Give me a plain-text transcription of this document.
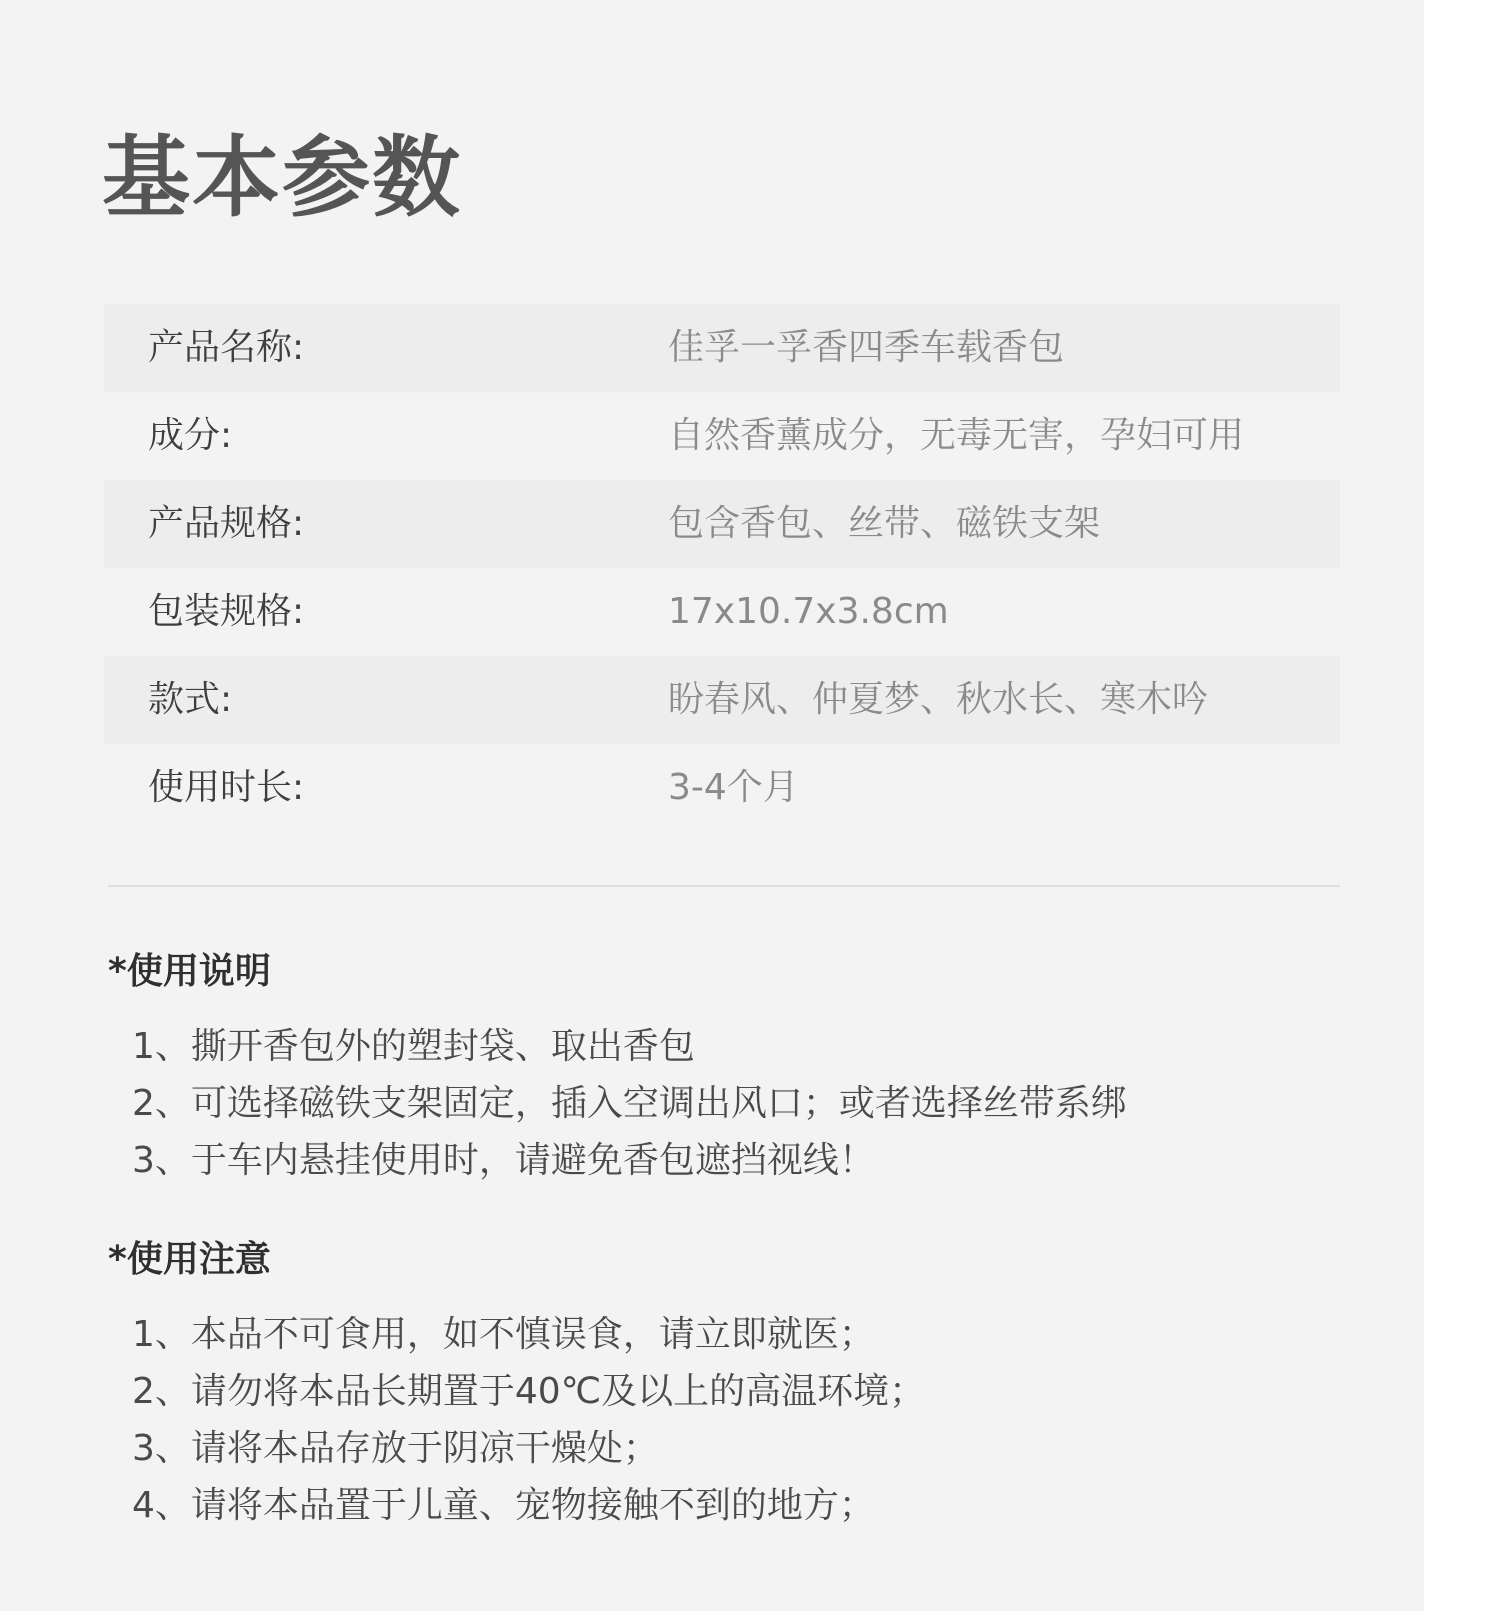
基本参数
产品名称:	佳孚一孚香四季车载香包
成分:	自然香薰成分，无毒无害，孕妇可用
产品规格:	包含香包、丝带、磁铁支架
包装规格:	17x10.7x3.8cm
款式:	盼春风、仲夏梦、秋水长、寒木吟
使用时长:	3-4个月
*使用说明
1、撕开香包外的塑封袋、取出香包
2、可选择磁铁支架固定，插入空调出风口；或者选择丝带系绑
3、于车内悬挂使用时，请避免香包遮挡视线！
*使用注意
1、本品不可食用，如不慎误食，请立即就医；
2、请勿将本品长期置于40℃及以上的高温环境；
3、请将本品存放于阴凉干燥处；
4、请将本品置于儿童、宠物接触不到的地方；
